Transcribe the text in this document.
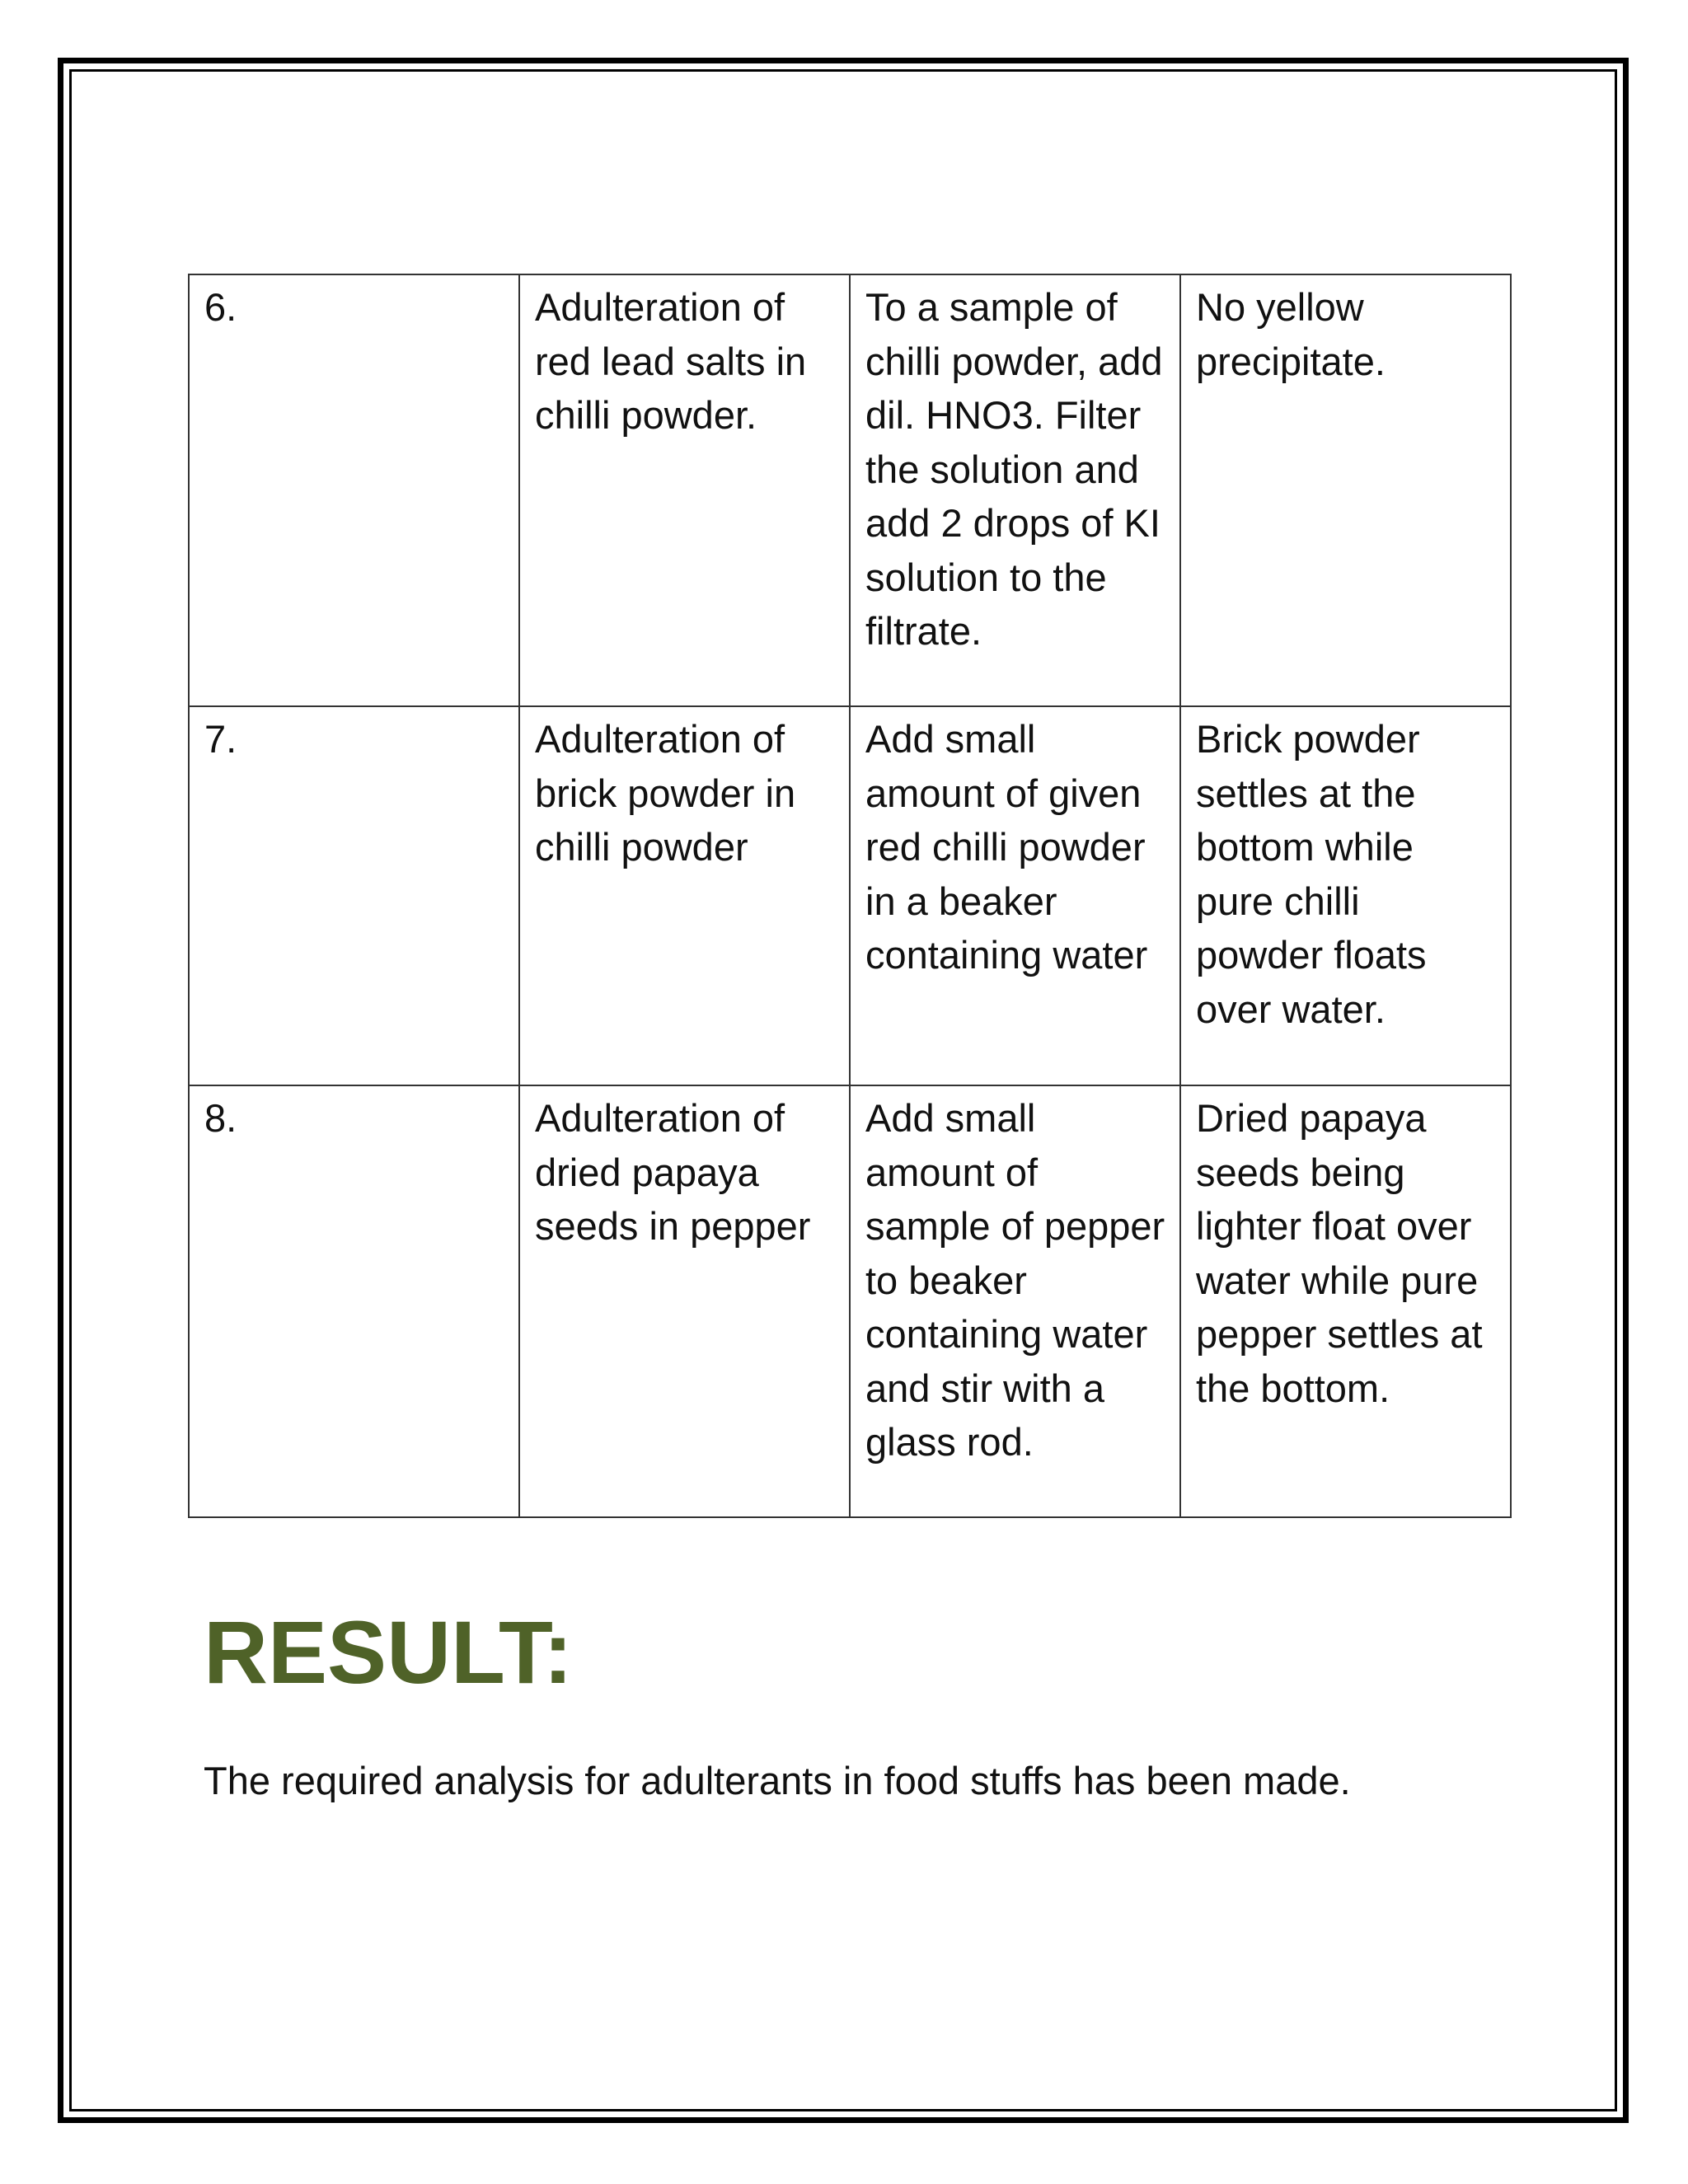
6.	Adulteration of red lead salts in chilli powder.	To a sample of chilli powder, add dil. HNO3. Filter the solution and add 2 drops of KI solution to the filtrate.	No yellow precipitate.
7.	Adulteration of brick powder in chilli powder	Add small amount of given red chilli powder in a beaker containing water	Brick powder settles at the bottom while pure chilli powder floats over water.
8.	Adulteration of dried papaya seeds in pepper	Add small amount of sample of pepper to beaker containing water and stir with a glass rod.	Dried papaya seeds being lighter float over water while pure pepper settles at the bottom.
RESULT:

The required analysis for adulterants in food stuffs has been made.
